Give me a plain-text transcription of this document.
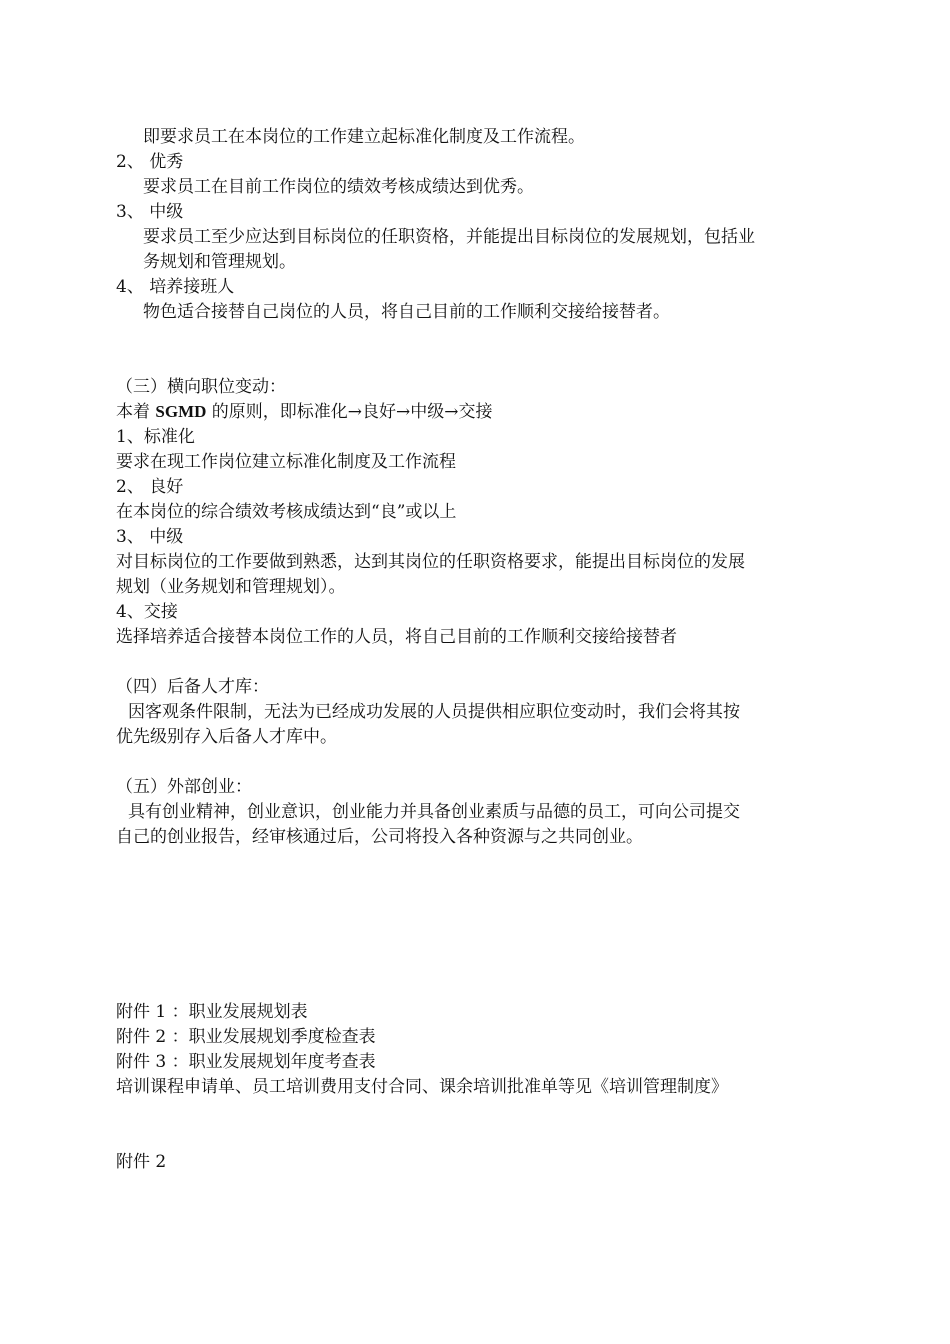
即要求员工在本岗位的工作建立起标准化制度及工作流程。
2、 优秀
要求员工在目前工作岗位的绩效考核成绩达到优秀。
3、 中级
要求员工至少应达到目标岗位的任职资格，并能提出目标岗位的发展规划，包括业
务规划和管理规划。
4、 培养接班人
物色适合接替自己岗位的人员，将自己目前的工作顺利交接给接替者。
（三）横向职位变动：
本着 SGMD 的原则，即标准化→良好→中级→交接
1、标准化
要求在现工作岗位建立标准化制度及工作流程
2、 良好
在本岗位的综合绩效考核成绩达到“良”或以上
3、 中级
对目标岗位的工作要做到熟悉，达到其岗位的任职资格要求，能提出目标岗位的发展
规划（业务规划和管理规划）。
4、交接
选择培养适合接替本岗位工作的人员，将自己目前的工作顺利交接给接替者
（四）后备人才库：
因客观条件限制，无法为已经成功发展的人员提供相应职位变动时，我们会将其按
优先级别存入后备人才库中。
（五）外部创业：
具有创业精神，创业意识，创业能力并具备创业素质与品德的员工，可向公司提交
自己的创业报告，经审核通过后，公司将投入各种资源与之共同创业。
附件 1 ：职业发展规划表
附件 2 ：职业发展规划季度检查表
附件 3 ：职业发展规划年度考查表
培训课程申请单、员工培训费用支付合同、课余培训批准单等见《培训管理制度》
附件 2
